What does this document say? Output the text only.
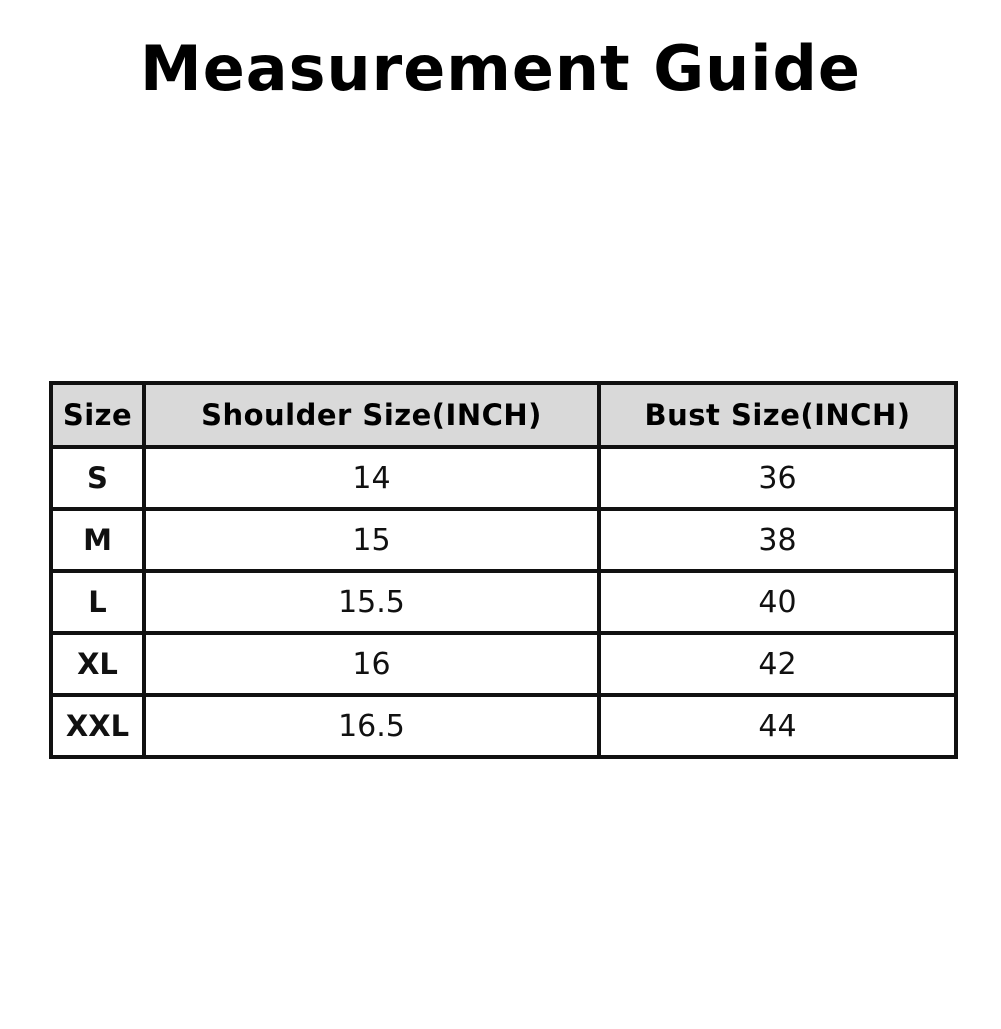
Measurement Guide
Size	Shoulder Size(INCH)	Bust Size(INCH)
S	14	36
M	15	38
L	15.5	40
XL	16	42
XXL	16.5	44
